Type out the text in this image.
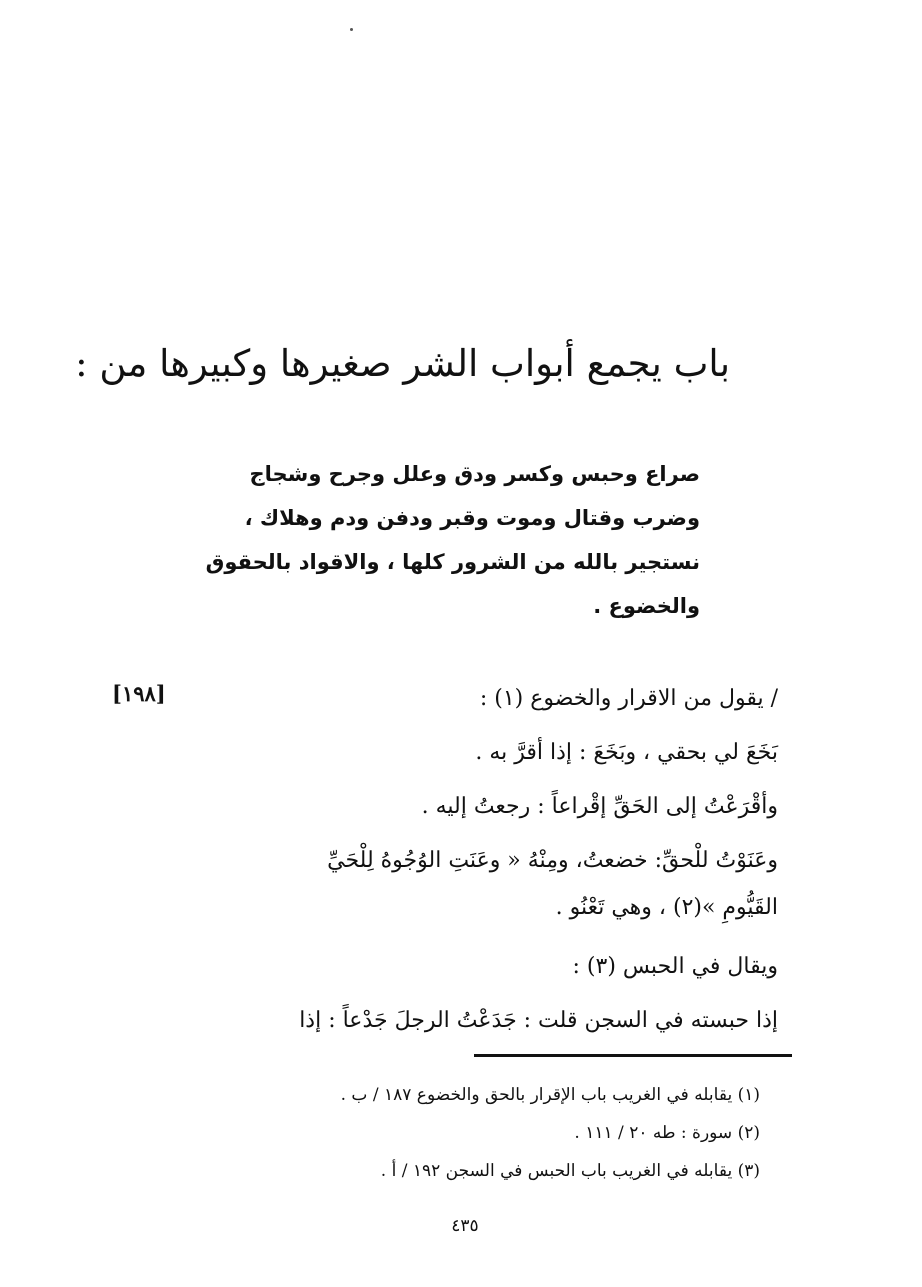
باب يجمع أبواب الشر صغيرها وكبيرها من :
صراع وحبس وكسر ودق وعلل وجرح وشجاج
وضرب وقتال وموت وقبر ودفن ودم وهلاك ،
نستجير بالله من الشرور كلها ، والاقواد بالحقوق
والخضوع .
[١٩٨]	/ يقول من الاقرار والخضوع (١) :
بَخَعَ لي بحقي ، وبَخَعَ : إذا أقرَّ به .
وأقْرَعْتُ إلى الحَقِّ إقْراعاً : رجعتُ إليه .
وعَنَوْتُ للْحقِّ: خضعتُ، ومِنْهُ « وعَنَتِ الوُجُوهُ لِلْحَيِّ
القَيُّومِ »(٢) ، وهي تَعْنُو .
ويقال في الحبس (٣) :
إذا حبسته في السجن قلت : جَدَعْتُ الرجلَ جَدْعاً : إذا
(١) يقابله في الغريب باب الإقرار بالحق والخضوع ١٨٧ / ب .
(٢) سورة : طه ٢٠ / ١١١ .
(٣) يقابله في الغريب باب الحبس في السجن ١٩٢ / أ .
٤٣٥
